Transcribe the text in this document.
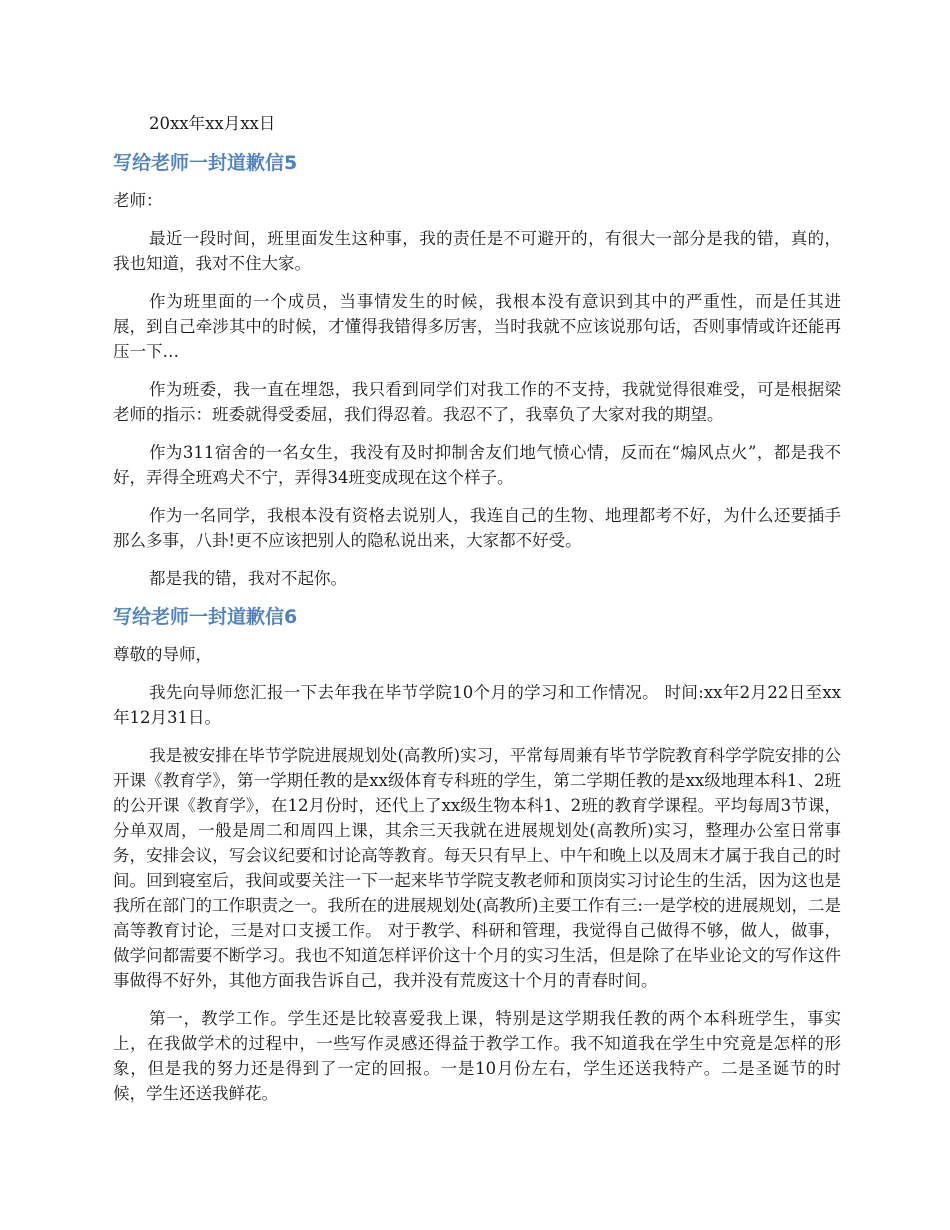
20xx年xx月xx日

写给老师一封道歉信5

老师：

最近一段时间，班里面发生这种事，我的责任是不可避开的，有很大一部分是我的错，真的，我也知道，我对不住大家。

作为班里面的一个成员，当事情发生的时候，我根本没有意识到其中的严重性，而是任其进展，到自己牵涉其中的时候，才懂得我错得多厉害，当时我就不应该说那句话，否则事情或许还能再压一下…

作为班委，我一直在埋怨，我只看到同学们对我工作的不支持，我就觉得很难受，可是根据梁老师的指示：班委就得受委屈，我们得忍着。我忍不了，我辜负了大家对我的期望。

作为311宿舍的一名女生，我没有及时抑制舍友们地气愤心情，反而在“煽风点火”，都是我不好，弄得全班鸡犬不宁，弄得34班变成现在这个样子。

作为一名同学，我根本没有资格去说别人，我连自己的生物、地理都考不好，为什么还要插手那么多事，八卦!更不应该把别人的隐私说出来，大家都不好受。

都是我的错，我对不起你。

写给老师一封道歉信6

尊敬的导师，

我先向导师您汇报一下去年我在毕节学院10个月的学习和工作情况。 时间:xx年2月22日至xx年12月31日。

我是被安排在毕节学院进展规划处(高教所)实习，平常每周兼有毕节学院教育科学学院安排的公开课《教育学》，第一学期任教的是xx级体育专科班的学生，第二学期任教的是xx级地理本科1、2班的公开课《教育学》，在12月份时，还代上了xx级生物本科1、2班的教育学课程。平均每周3节课，分单双周，一般是周二和周四上课，其余三天我就在进展规划处(高教所)实习，整理办公室日常事务，安排会议，写会议纪要和讨论高等教育。每天只有早上、中午和晚上以及周末才属于我自己的时间。回到寝室后，我间或要关注一下一起来毕节学院支教老师和顶岗实习讨论生的生活，因为这也是我所在部门的工作职责之一。我所在的进展规划处(高教所)主要工作有三:一是学校的进展规划，二是高等教育讨论，三是对口支援工作。 对于教学、科研和管理，我觉得自己做得不够，做人，做事，做学问都需要不断学习。我也不知道怎样评价这十个月的实习生活，但是除了在毕业论文的写作这件事做得不好外，其他方面我告诉自己，我并没有荒废这十个月的青春时间。

第一，教学工作。学生还是比较喜爱我上课，特别是这学期我任教的两个本科班学生，事实上，在我做学术的过程中，一些写作灵感还得益于教学工作。我不知道我在学生中究竟是怎样的形象，但是我的努力还是得到了一定的回报。一是10月份左右，学生还送我特产。二是圣诞节的时候，学生还送我鲜花。
